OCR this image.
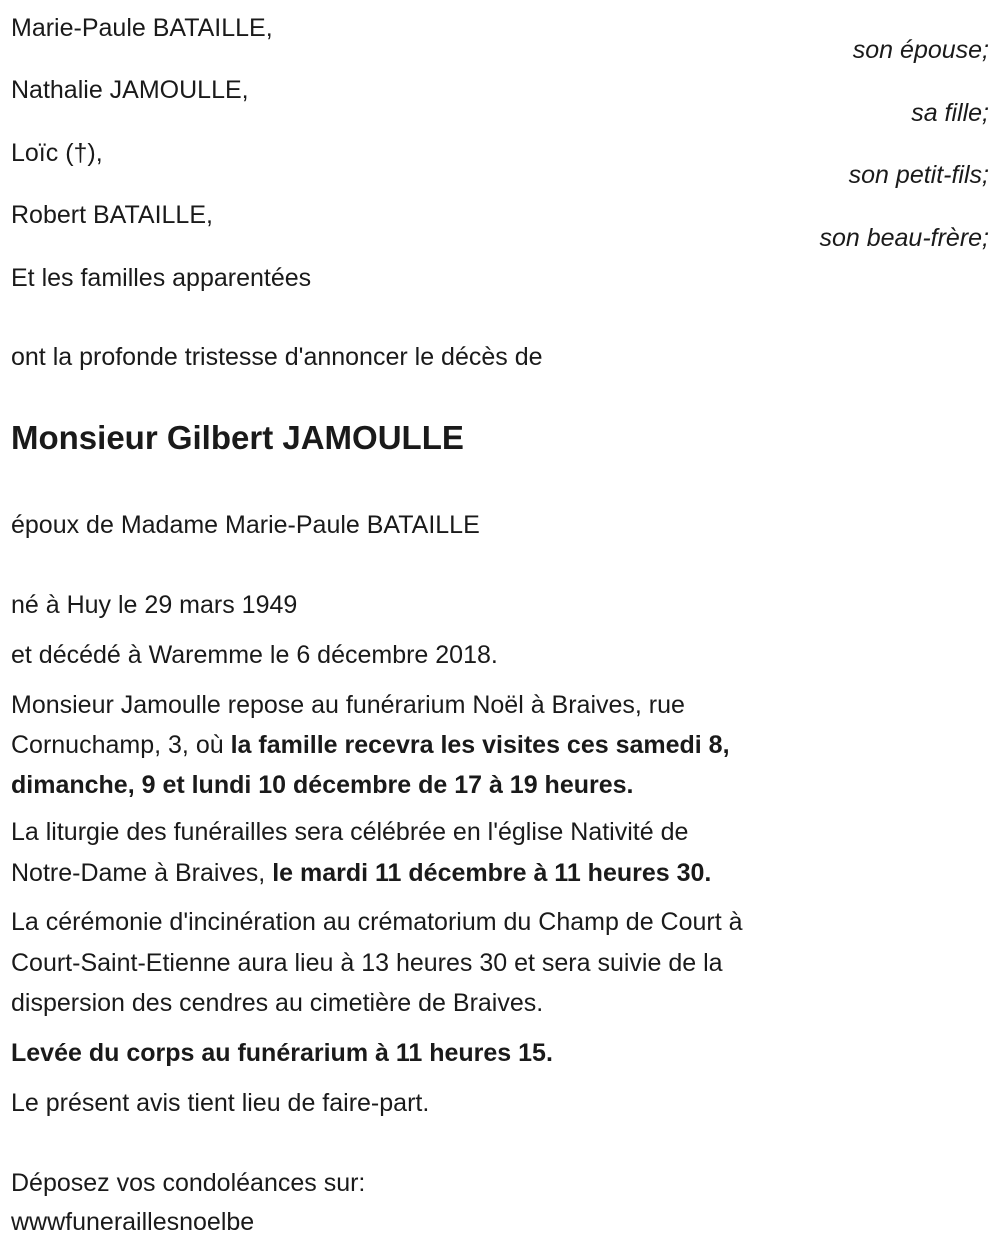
Marie-Paule BATAILLE,
son épouse;
Nathalie JAMOULLE,
sa fille;
Loïc (†),
son petit-fils;
Robert BATAILLE,
son beau-frère;
Et les familles apparentées
ont la profonde tristesse d'annoncer le décès de
Monsieur Gilbert JAMOULLE
époux de Madame Marie-Paule BATAILLE
né à Huy le 29 mars 1949
et décédé à Waremme le 6 décembre 2018.
Monsieur Jamoulle repose au funérarium Noël à Braives, rue
Cornuchamp, 3, où la famille recevra les visites ces samedi 8,
dimanche, 9 et lundi 10 décembre de 17 à 19 heures.
La liturgie des funérailles sera célébrée en l'église Nativité de
Notre-Dame à Braives, le mardi 11 décembre à 11 heures 30.
La cérémonie d'incinération au crématorium du Champ de Court à
Court-Saint-Etienne aura lieu à 13 heures 30 et sera suivie de la
dispersion des cendres au cimetière de Braives.
Levée du corps au funérarium à 11 heures 15.
Le présent avis tient lieu de faire-part.
Déposez vos condoléances sur:
wwwfuneraillesnoelbe
